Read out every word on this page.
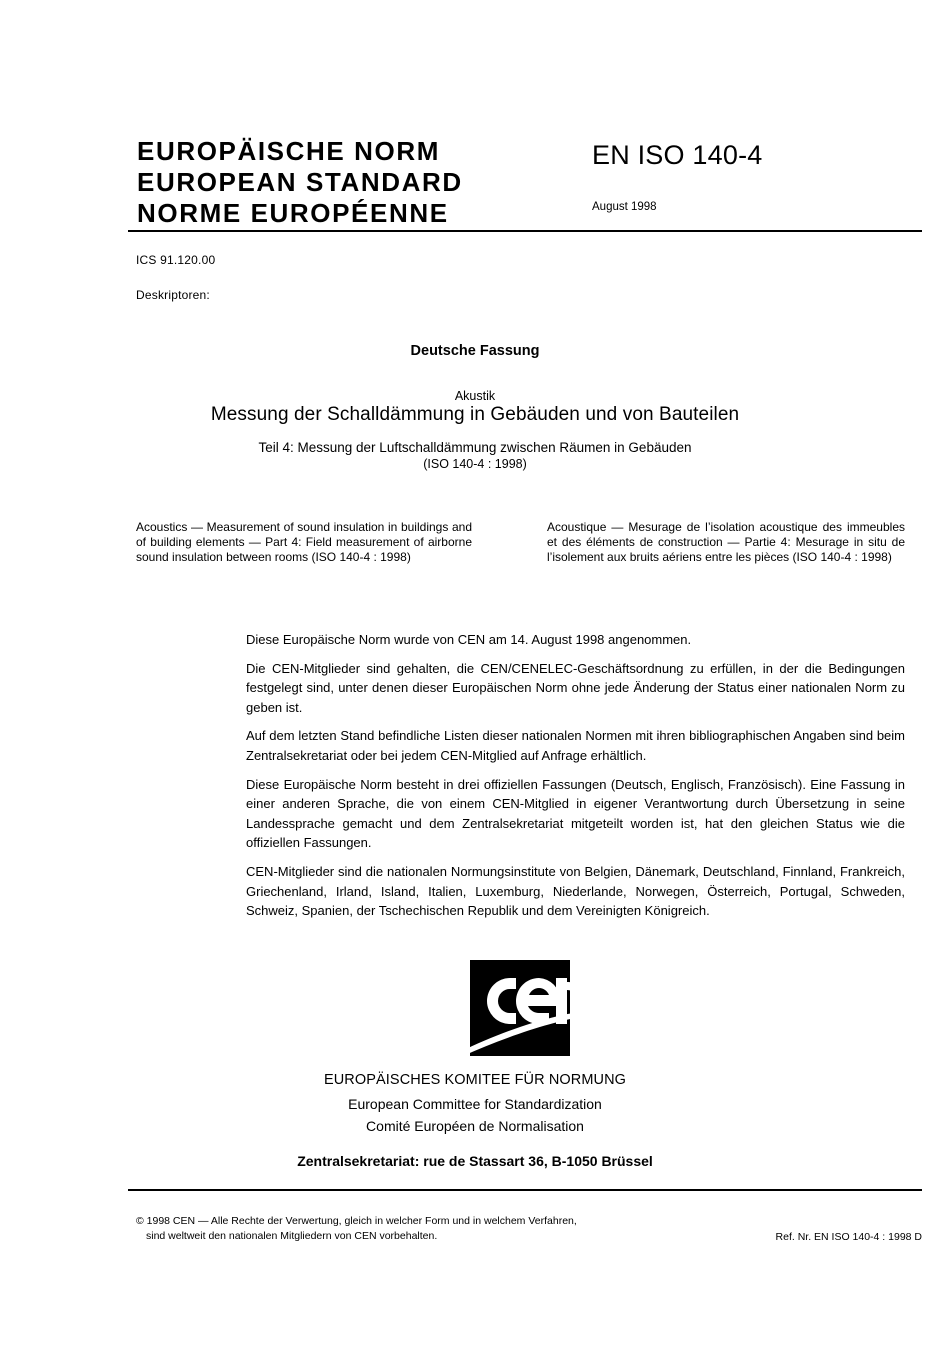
EUROPÄISCHE NORM
EUROPEAN STANDARD
NORME EUROPÉENNE
EN ISO 140-4
August 1998
ICS 91.120.00
Deskriptoren:
Deutsche Fassung
Akustik
Messung der Schalldämmung in Gebäuden und von Bauteilen
Teil 4: Messung der Luftschalldämmung zwischen Räumen in Gebäuden
(ISO 140-4 : 1998)
Acoustics — Measurement of sound insulation in buildings and of building elements — Part 4: Field measurement of airborne sound insulation between rooms (ISO 140-4 : 1998)
Acoustique — Mesurage de l’isolation acoustique des immeubles et des éléments de construction — Partie 4: Mesurage in situ de l’isolement aux bruits aériens entre les pièces (ISO 140-4 : 1998)

Diese Europäische Norm wurde von CEN am 14. August 1998 angenommen.

Die CEN-Mitglieder sind gehalten, die CEN/CENELEC-Geschäftsordnung zu erfüllen, in der die Bedingungen festgelegt sind, unter denen dieser Europäischen Norm ohne jede Änderung der Status einer nationalen Norm zu geben ist.

Auf dem letzten Stand befindliche Listen dieser nationalen Normen mit ihren bibliographischen Angaben sind beim Zentralsekretariat oder bei jedem CEN-Mitglied auf Anfrage erhältlich.

Diese Europäische Norm besteht in drei offiziellen Fassungen (Deutsch, Englisch, Französisch). Eine Fassung in einer anderen Sprache, die von einem CEN-Mitglied in eigener Verantwortung durch Übersetzung in seine Landessprache gemacht und dem Zentralsekretariat mitgeteilt worden ist, hat den gleichen Status wie die offiziellen Fassungen.

CEN-Mitglieder sind die nationalen Normungsinstitute von Belgien, Dänemark, Deutschland, Finnland, Frankreich, Griechenland, Irland, Island, Italien, Luxemburg, Niederlande, Norwegen, Österreich, Portugal, Schweden, Schweiz, Spanien, der Tschechischen Republik und dem Vereinigten Königreich.

EUROPÄISCHES KOMITEE FÜR NORMUNG
European Committee for Standardization
Comité Européen de Normalisation
Zentralsekretariat: rue de Stassart 36, B-1050 Brüssel
© 1998 CEN — Alle Rechte der Verwertung, gleich in welcher Form und in welchem Verfahren,
sind weltweit den nationalen Mitgliedern von CEN vorbehalten.	Ref. Nr. EN ISO 140-4 : 1998 D
